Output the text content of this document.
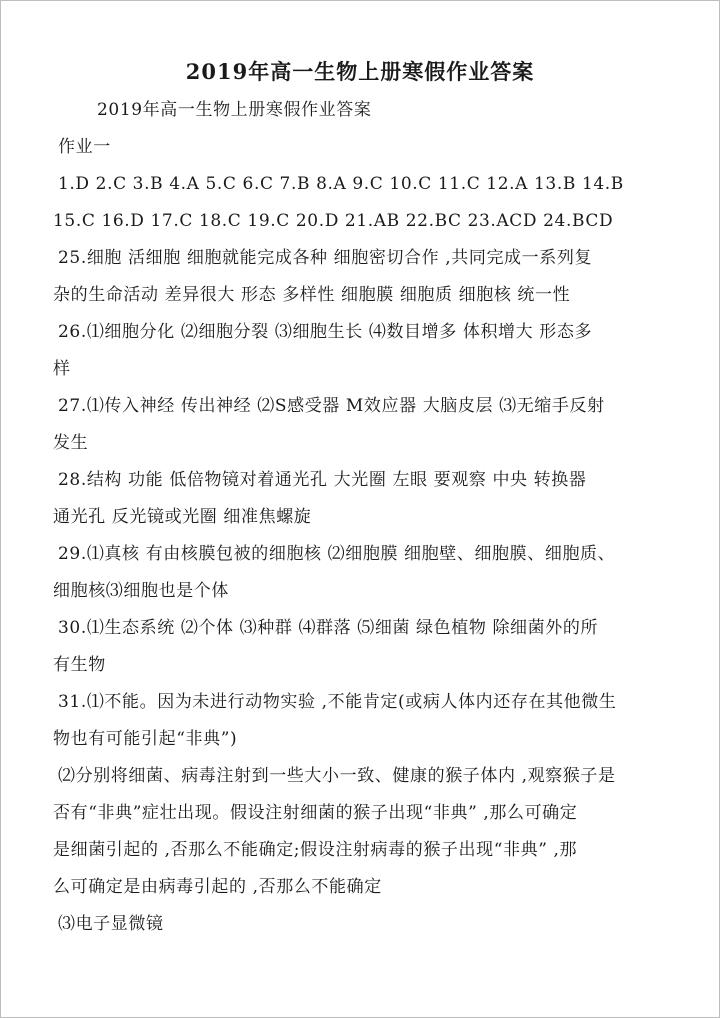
2019年高一生物上册寒假作业答案
2019年高一生物上册寒假作业答案
作业一
1.D 2.C 3.B 4.A 5.C 6.C 7.B 8.A 9.C 10.C 11.C 12.A 13.B 14.B
15.C 16.D 17.C 18.C 19.C 20.D 21.AB 22.BC 23.ACD 24.BCD
25.细胞 活细胞 细胞就能完成各种 细胞密切合作 ,共同完成一系列复
杂的生命活动 差异很大 形态 多样性 细胞膜 细胞质 细胞核 统一性
26.⑴细胞分化 ⑵细胞分裂 ⑶细胞生长 ⑷数目增多 体积增大 形态多
样
27.⑴传入神经 传出神经 ⑵S感受器 M效应器 大脑皮层 ⑶无缩手反射
发生
28.结构 功能 低倍物镜对着通光孔 大光圈 左眼 要观察 中央 转换器
通光孔 反光镜或光圈 细准焦螺旋
29.⑴真核 有由核膜包被的细胞核 ⑵细胞膜 细胞壁、细胞膜、细胞质、
细胞核⑶细胞也是个体
30.⑴生态系统 ⑵个体 ⑶种群 ⑷群落 ⑸细菌 绿色植物 除细菌外的所
有生物
31.⑴不能。因为未进行动物实验 ,不能肯定(或病人体内还存在其他微生
物也有可能引起“非典”)
⑵分别将细菌、病毒注射到一些大小一致、健康的猴子体内 ,观察猴子是
否有“非典”症壮出现。假设注射细菌的猴子出现“非典” ,那么可确定
是细菌引起的 ,否那么不能确定;假设注射病毒的猴子出现“非典” ,那
么可确定是由病毒引起的 ,否那么不能确定
⑶电子显微镜
